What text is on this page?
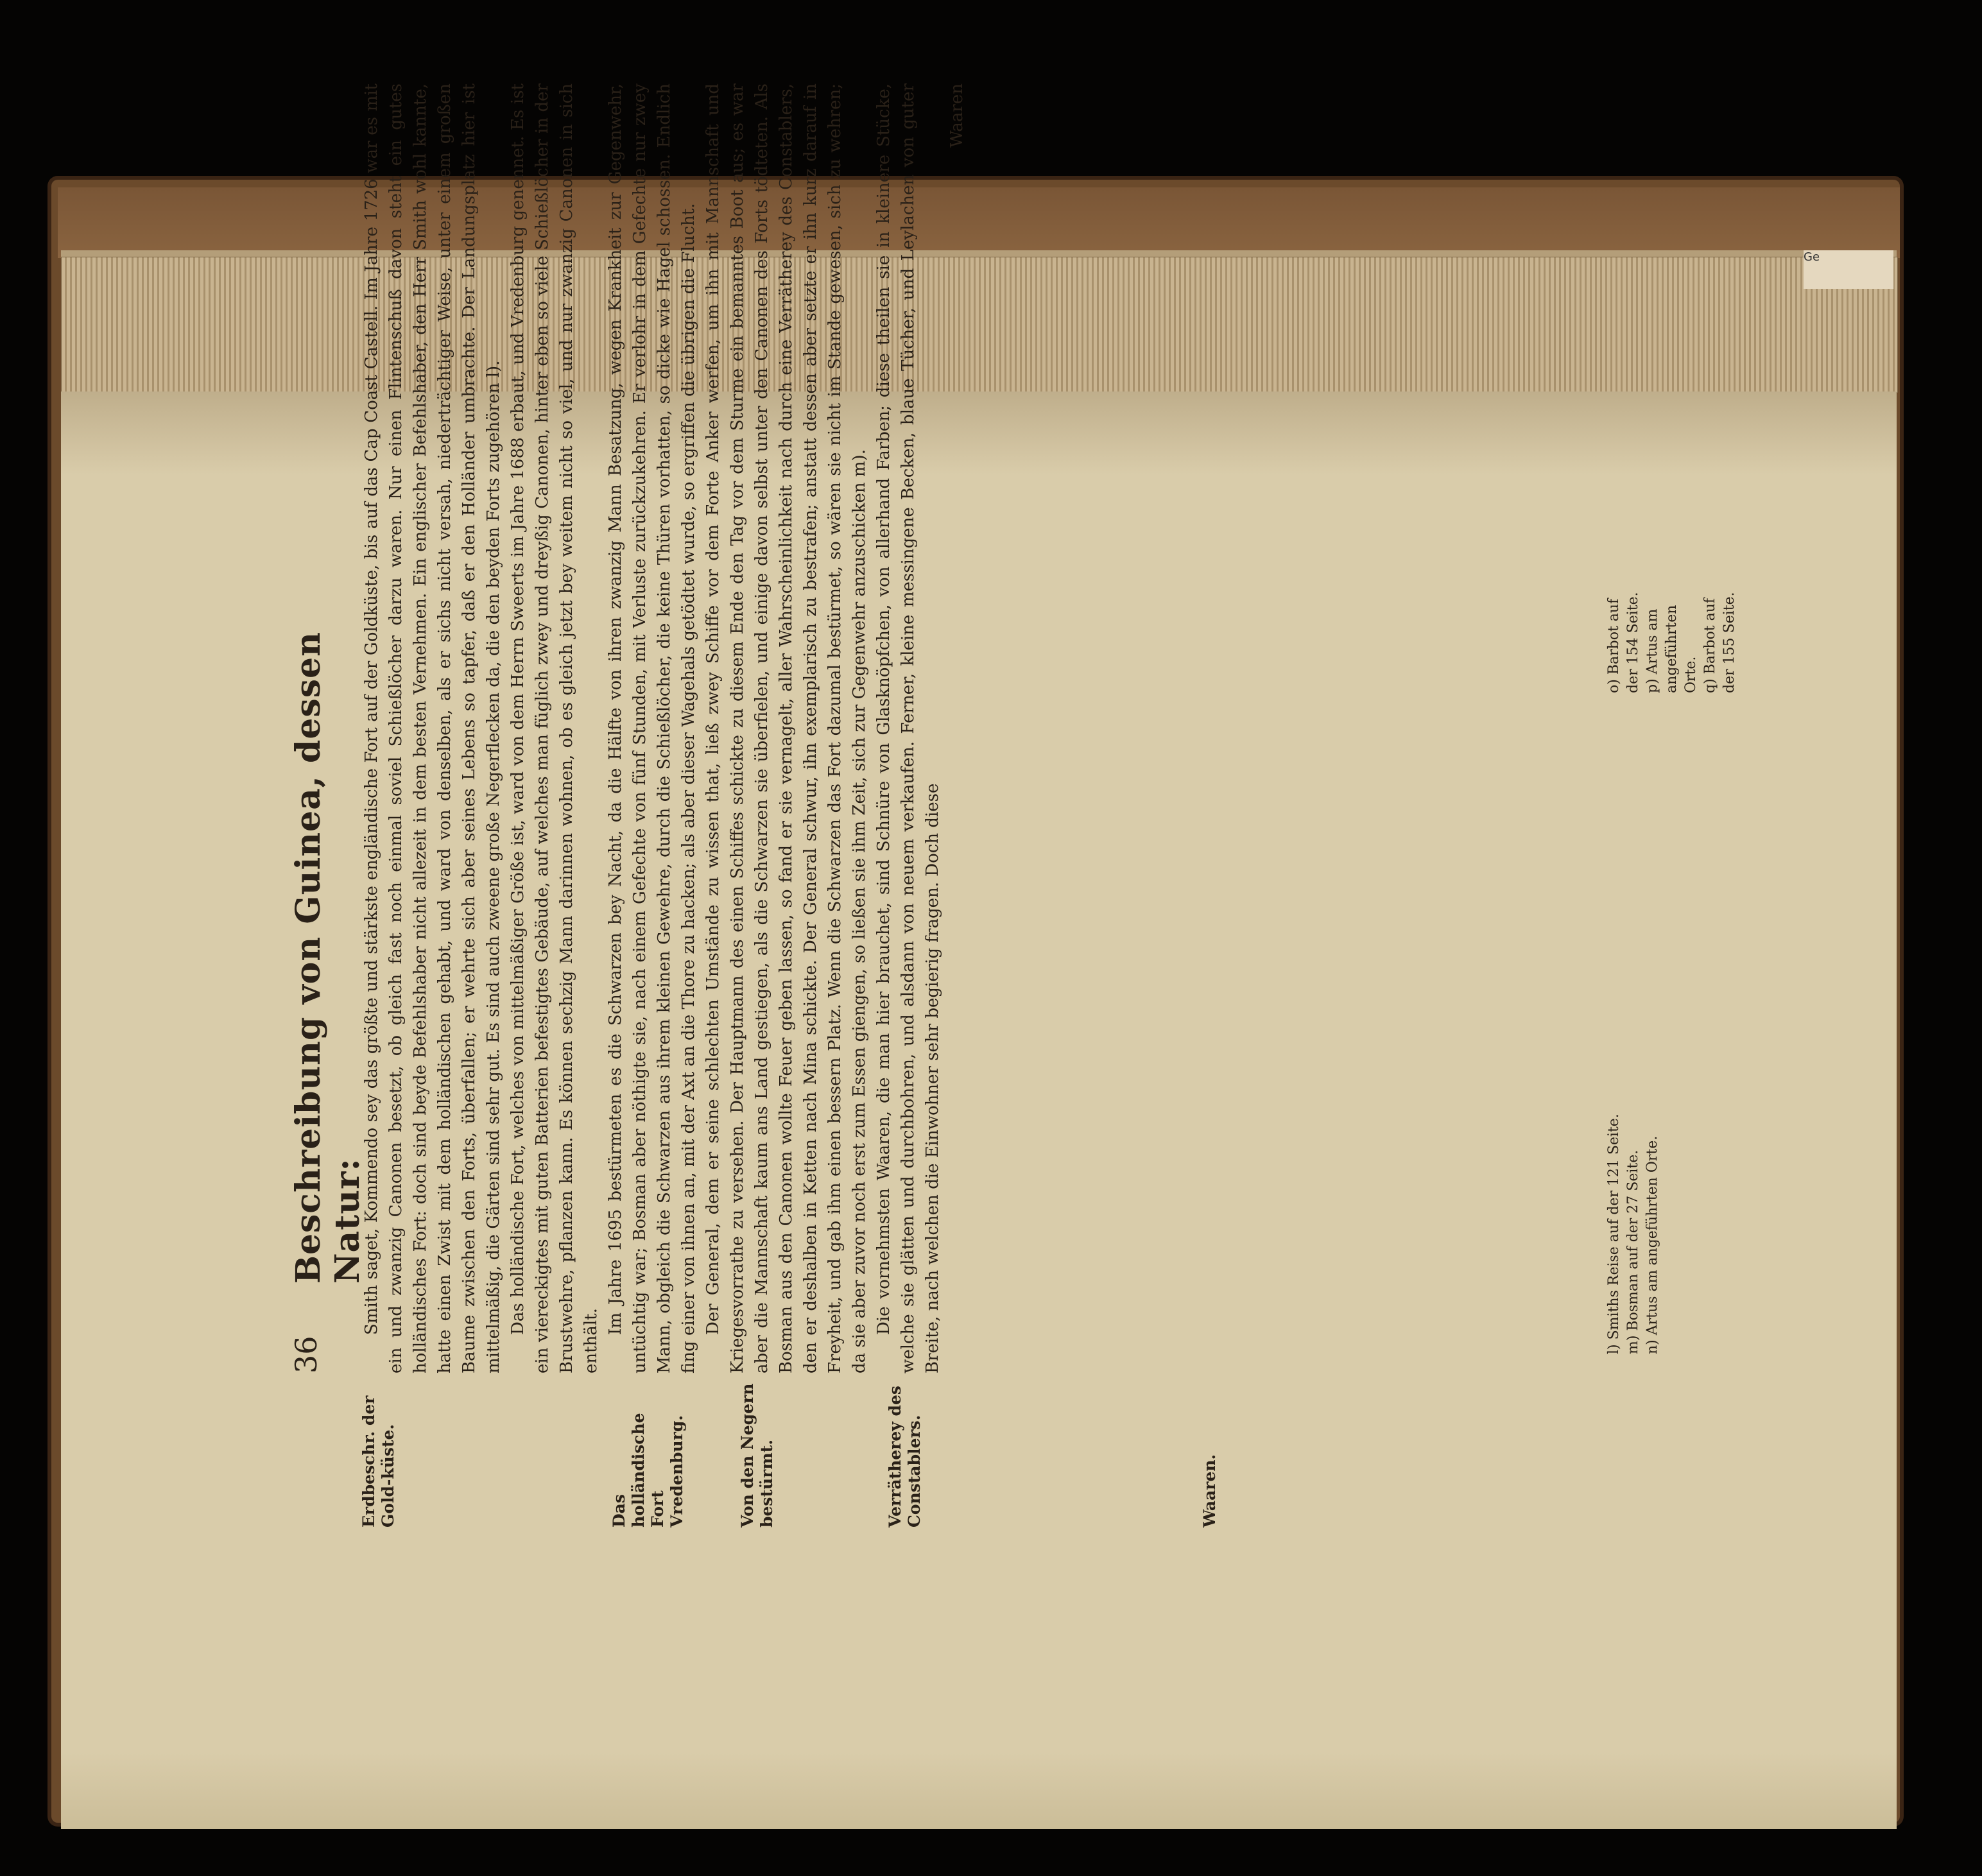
Ge
36
Beschreibung von Guinea, dessen Natur:
Erdbeschr. der Gold-küste.	Das holländische Fort Vredenburg.	Von den Negern bestürmt.	Verrätherey des Constablers.	Waaren.

Smith saget, Kommendo sey das größte und stärkste engländische Fort auf der Goldküste, bis auf das Cap Coast Castell. Im Jahre 1726 war es mit ein und zwanzig Canonen besetzt, ob gleich fast noch einmal soviel Schießlöcher darzu waren. Nur einen Flintenschuß davon steht ein gutes holländisches Fort: doch sind beyde Befehlshaber nicht allezeit in dem besten Vernehmen. Ein englischer Befehlshaber, den Herr Smith wohl kannte, hatte einen Zwist mit dem holländischen gehabt, und ward von denselben, als er sichs nicht versah, niederträchtiger Weise, unter einem großen Baume zwischen den Forts, überfallen; er wehrte sich aber seines Lebens so tapfer, daß er den Holländer umbrachte. Der Landungsplatz hier ist mittelmäßig, die Gärten sind sehr gut. Es sind auch zweene große Negerflecken da, die den beyden Forts zugehören l). Das holländische Fort, welches von mittelmäßiger Größe ist, ward von dem Herrn Sweerts im Jahre 1688 erbaut, und Vredenburg genennet. Es ist ein viereckigtes mit guten Batterien befestigtes Gebäude, auf welches man füglich zwey und dreyßig Canonen, hinter eben so viele Schießlöcher in der Brustwehre, pflanzen kann. Es können sechzig Mann darinnen wohnen, ob es gleich jetzt bey weitem nicht so viel, und nur zwanzig Canonen in sich enthält.

Im Jahre 1695 bestürmeten es die Schwarzen bey Nacht, da die Hälfte von ihren zwanzig Mann Besatzung, wegen Krankheit zur Gegenwehr, untüchtig war; Bosman aber nöthigte sie, nach einem Gefechte von fünf Stunden, mit Verluste zurückzukehren. Er verlohr in dem Gefechte nur zwey Mann, obgleich die Schwarzen aus ihrem kleinen Gewehre, durch die Schießlöcher, die keine Thüren vorhatten, so dicke wie Hagel schossen. Endlich fing einer von ihnen an, mit der Axt an die Thore zu hacken; als aber dieser Wagehals getödtet wurde, so ergriffen die übrigen die Flucht. Der General, dem er seine schlechten Umstände zu wissen that, ließ zwey Schiffe vor dem Forte Anker werfen, um ihn mit Mannschaft und Kriegesvorrathe zu versehen. Der Hauptmann des einen Schiffes schickte zu diesem Ende den Tag vor dem Sturme ein bemanntes Boot aus; es war aber die Mannschaft kaum ans Land gestiegen, als die Schwarzen sie überfielen, und einige davon selbst unter den Canonen des Forts tödteten. Als Bosman aus den Canonen wollte Feuer geben lassen, so fand er sie vernagelt, aller Wahrscheinlichkeit nach durch eine Verrätherey des Constablers, den er deshalben in Ketten nach Mina schickte. Der General schwur, ihn exemplarisch zu bestrafen; anstatt dessen aber setzte er ihn kurz darauf in Freyheit, und gab ihm einen bessern Platz. Wenn die Schwarzen das Fort dazumal bestürmet, so wären sie nicht im Stande gewesen, sich zu wehren; da sie aber zuvor noch erst zum Essen giengen, so ließen sie ihm Zeit, sich zur Gegenwehr anzuschicken m). Die vornehmsten Waaren, die man hier brauchet, sind Schnüre von Glasknöpfchen, von allerhand Farben; diese theilen sie in kleinere Stücke, welche sie glätten und durchbohren, und alsdann von neuem verkaufen. Ferner, kleine messingene Becken, blaue Tücher, und Leylachen von guter Breite, nach welchen die Einwohner sehr begierig fragen. Doch diese

Waaren
l) Smiths Reise auf der 121 Seite. m) Bosman auf der 27 Seite. n) Artus am angeführten Orte.
o) Barbot auf der 154 Seite. p) Artus am angeführten Orte. q) Barbot auf der 155 Seite.
